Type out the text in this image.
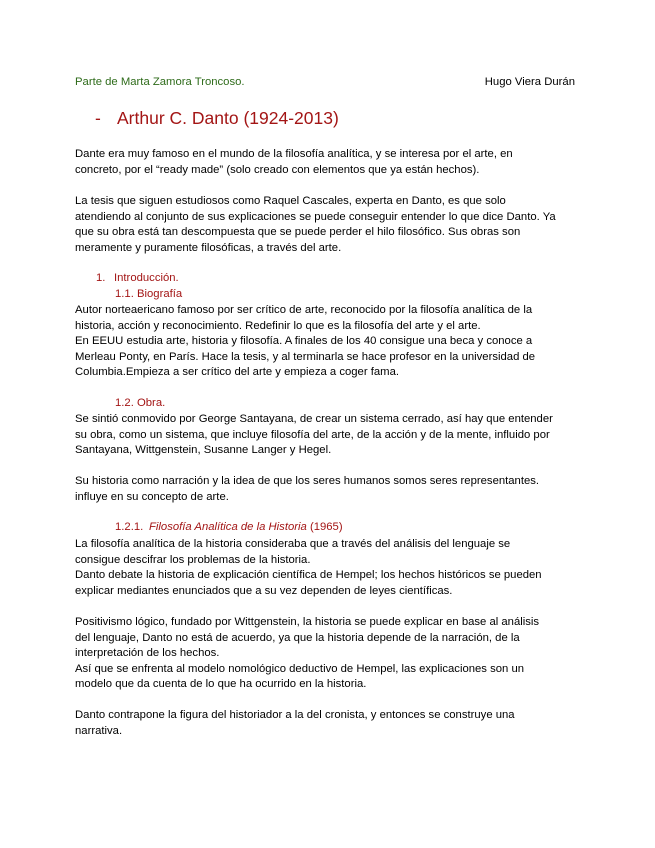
Parte de Marta Zamora Troncoso.	Hugo Viera Durán
- Arthur C. Danto (1924-2013)
Dante era muy famoso en el mundo de la filosofía analítica, y se interesa por el arte, en
concreto, por el “ready made” (solo creado con elementos que ya están hechos).
La tesis que siguen estudiosos como Raquel Cascales, experta en Danto, es que solo
atendiendo al conjunto de sus explicaciones se puede conseguir entender lo que dice Danto. Ya
que su obra está tan descompuesta que se puede perder el hilo filosófico. Sus obras son
meramente y puramente filosóficas, a través del arte.
1. Introducción.
1.1. Biografía
Autor norteaericano famoso por ser crítico de arte, reconocido por la filosofía analítica de la
historia, acción y reconocimiento. Redefinir lo que es la filosofía del arte y el arte.
En EEUU estudia arte, historia y filosofía. A finales de los 40 consigue una beca y conoce a
Merleau Ponty, en París. Hace la tesis, y al terminarla se hace profesor en la universidad de
Columbia.Empieza a ser crítico del arte y empieza a coger fama.
1.2. Obra.
Se sintió conmovido por George Santayana, de crear un sistema cerrado, así hay que entender
su obra, como un sistema, que incluye filosofía del arte, de la acción y de la mente, influido por
Santayana, Wittgenstein, Susanne Langer y Hegel.
Su historia como narración y la idea de que los seres humanos somos seres representantes.
influye en su concepto de arte.
1.2.1. Filosofía Analítica de la Historia (1965)
La filosofía analítica de la historia consideraba que a través del análisis del lenguaje se
consigue descifrar los problemas de la historia.
Danto debate la historia de explicación científica de Hempel; los hechos históricos se pueden
explicar mediantes enunciados que a su vez dependen de leyes científicas.
Positivismo lógico, fundado por Wittgenstein, la historia se puede explicar en base al análisis
del lenguaje, Danto no está de acuerdo, ya que la historia depende de la narración, de la
interpretación de los hechos.
Así que se enfrenta al modelo nomológico deductivo de Hempel, las explicaciones son un
modelo que da cuenta de lo que ha ocurrido en la historia.
Danto contrapone la figura del historiador a la del cronista, y entonces se construye una
narrativa.
